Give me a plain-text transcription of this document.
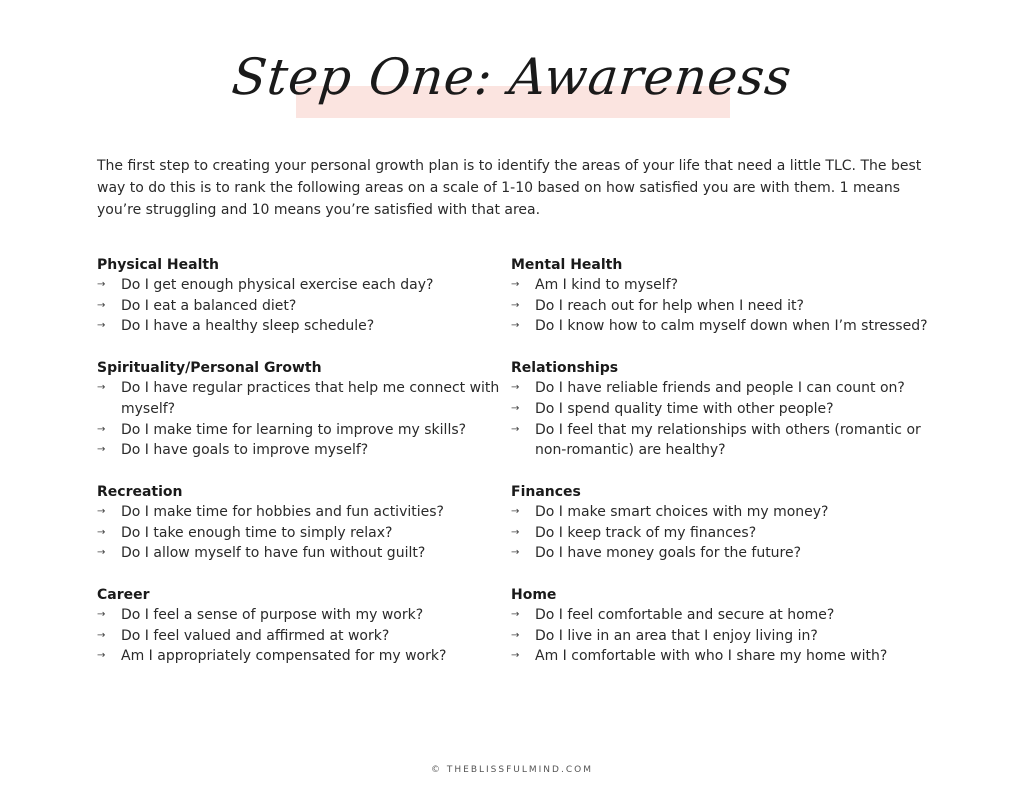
Step One: Awareness
The first step to creating your personal growth plan is to identify the areas of your life that need a little TLC. The best way to do this is to rank the following areas on a scale of 1-10 based on how satisfied you are with them. 1 means you’re struggling and 10 means you’re satisfied with that area.
Physical Health
→ Do I get enough physical exercise each day?
→ Do I eat a balanced diet?
→ Do I have a healthy sleep schedule?
Spirituality/Personal Growth
→ Do I have regular practices that help me connect with myself?
→ Do I make time for learning to improve my skills?
→ Do I have goals to improve myself?
Recreation
→ Do I make time for hobbies and fun activities?
→ Do I take enough time to simply relax?
→ Do I allow myself to have fun without guilt?
Career
→ Do I feel a sense of purpose with my work?
→ Do I feel valued and affirmed at work?
→ Am I appropriately compensated for my work?
Mental Health
→ Am I kind to myself?
→ Do I reach out for help when I need it?
→ Do I know how to calm myself down when I’m stressed?
Relationships
→ Do I have reliable friends and people I can count on?
→ Do I spend quality time with other people?
→ Do I feel that my relationships with others (romantic or non-romantic) are healthy?
Finances
→ Do I make smart choices with my money?
→ Do I keep track of my finances?
→ Do I have money goals for the future?
Home
→ Do I feel comfortable and secure at home?
→ Do I live in an area that I enjoy living in?
→ Am I comfortable with who I share my home with?
© THEBLISSFULMIND.COM
